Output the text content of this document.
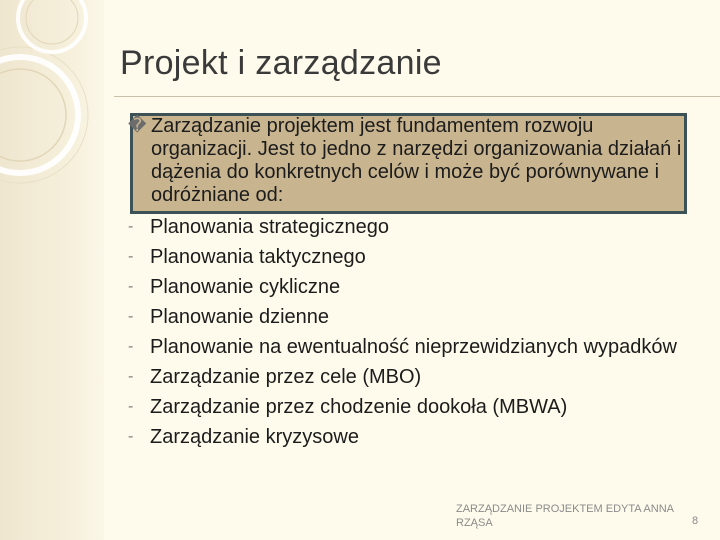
Projekt i zarządzanie
� Zarządzanie projektem jest fundamentem rozwoju organizacji. Jest to jedno z narzędzi organizowania działań i dążenia do konkretnych celów i może być porównywane i odróżniane od:
- Planowania strategicznego
- Planowania taktycznego
- Planowanie cykliczne
- Planowanie dzienne
- Planowanie na ewentualność nieprzewidzianych wypadków
- Zarządzanie przez cele (MBO)
- Zarządzanie przez chodzenie dookoła (MBWA)
- Zarządzanie kryzysowe
ZARZĄDZANIE PROJEKTEM EDYTA ANNA RZĄSA	8
